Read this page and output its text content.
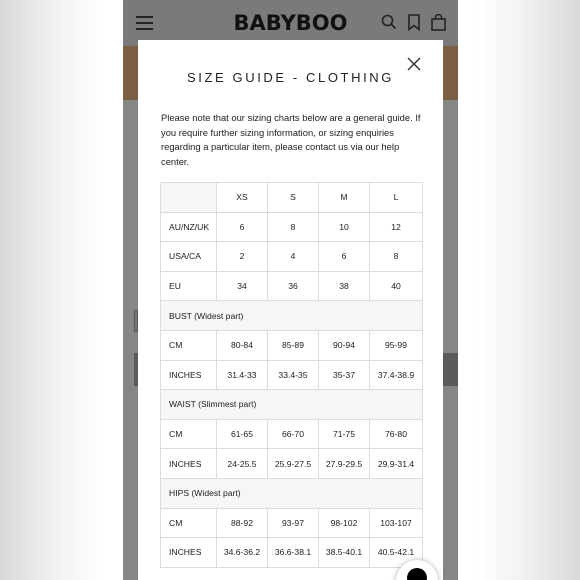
BABYBOO
SIZE GUIDE - CLOTHING

Please note that our sizing charts below are a general guide. If you require further sizing information, or sizing enquiries regarding a particular item, please contact us via our help center.

	XS	S	M	L
AU/NZ/UK	6	8	10	12
USA/CA	2	4	6	8
EU	34	36	38	40
BUST (Widest part)				
CM	80-84	85-89	90-94	95-99
INCHES	31.4-33	33.4-35	35-37	37.4-38.9
WAIST (Slimmest part)				
CM	61-65	66-70	71-75	76-80
INCHES	24-25.5	25.9-27.5	27.9-29.5	29.9-31.4
HIPS (Widest part)				
CM	88-92	93-97	98-102	103-107
INCHES	34.6-36.2	36.6-38.1	38.5-40.1	40.5-42.1
